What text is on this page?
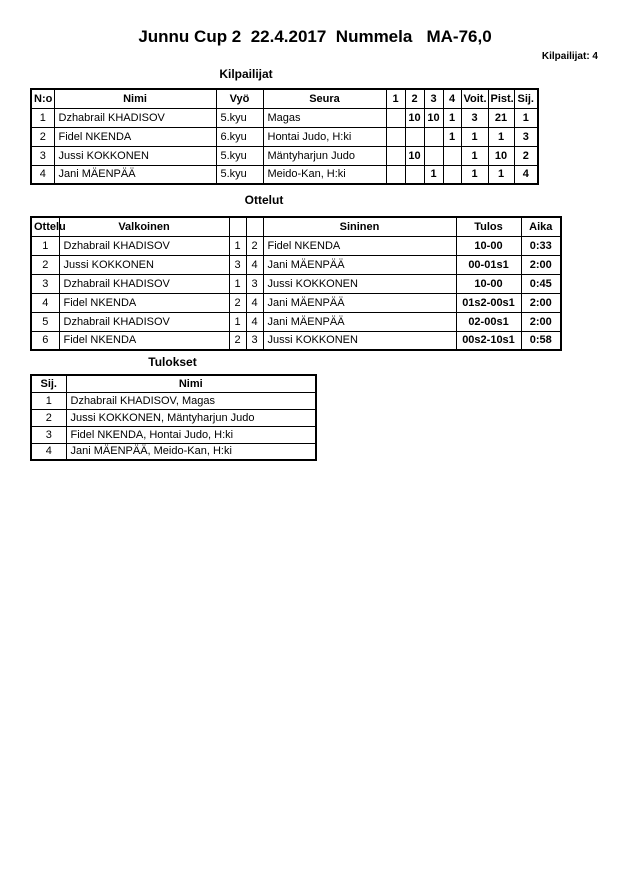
Junnu Cup 2  22.4.2017  Nummela   MA-76,0
Kilpailijat: 4
Kilpailijat
N:o	Nimi	Vyö	Seura	1	2	3	4	Voit.	Pist.	Sij.
1	Dzhabrail KHADISOV	5.kyu	Magas		10	10	1	3	21	1
2	Fidel NKENDA	6.kyu	Hontai Judo, H:ki				1	1	1	3
3	Jussi KOKKONEN	5.kyu	Mäntyharjun Judo		10			1	10	2
4	Jani MÄENPÄÄ	5.kyu	Meido-Kan, H:ki			1		1	1	4
Ottelut
Ottelu	Valkoinen			Sininen	Tulos	Aika
1	Dzhabrail KHADISOV	1	2	Fidel NKENDA	10-00	0:33
2	Jussi KOKKONEN	3	4	Jani MÄENPÄÄ	00-01s1	2:00
3	Dzhabrail KHADISOV	1	3	Jussi KOKKONEN	10-00	0:45
4	Fidel NKENDA	2	4	Jani MÄENPÄÄ	01s2-00s1	2:00
5	Dzhabrail KHADISOV	1	4	Jani MÄENPÄÄ	02-00s1	2:00
6	Fidel NKENDA	2	3	Jussi KOKKONEN	00s2-10s1	0:58
Tulokset
Sij.	Nimi
1	Dzhabrail KHADISOV, Magas
2	Jussi KOKKONEN, Mäntyharjun Judo
3	Fidel NKENDA, Hontai Judo, H:ki
4	Jani MÄENPÄÄ, Meido-Kan, H:ki
